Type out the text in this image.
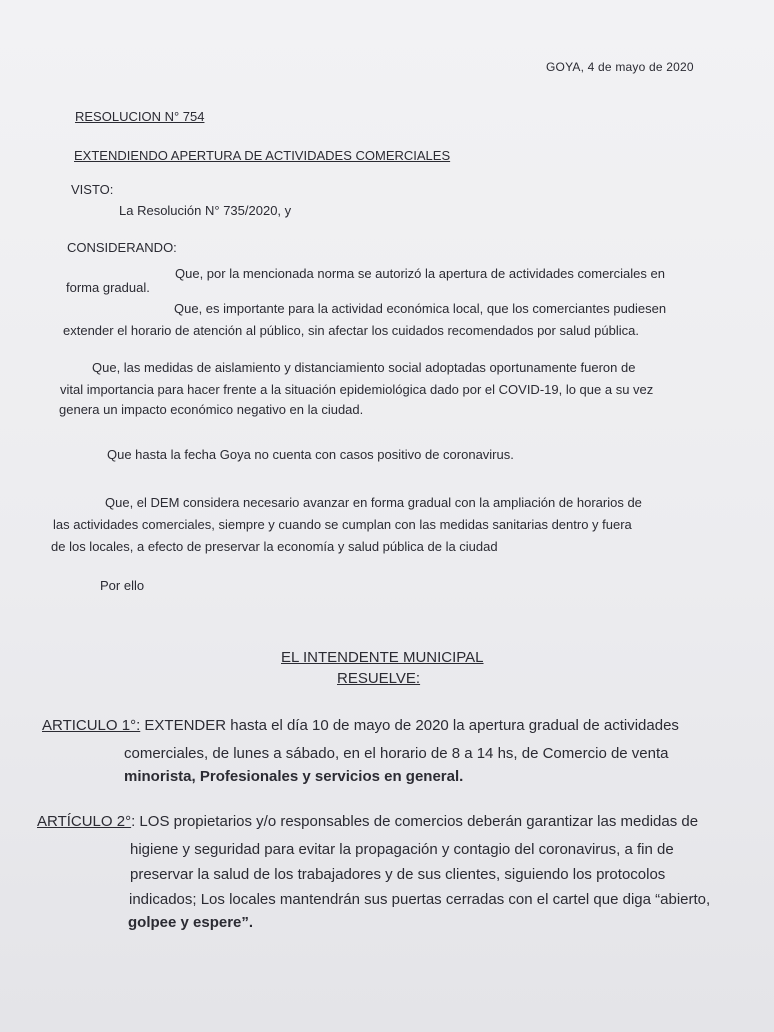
GOYA, 4 de mayo de 2020
RESOLUCION N° 754
EXTENDIENDO APERTURA DE ACTIVIDADES COMERCIALES
VISTO:
La Resolución N° 735/2020, y
CONSIDERANDO:
Que, por la mencionada norma se autorizó la apertura de actividades comerciales en
forma gradual.
Que, es importante para la actividad económica local, que los comerciantes pudiesen
extender el horario de atención al público, sin afectar los cuidados recomendados por salud pública.
Que, las medidas de aislamiento y distanciamiento social adoptadas oportunamente fueron de
vital importancia para hacer frente a la situación epidemiológica dado por el COVID-19, lo que a su vez
genera un impacto económico negativo en la ciudad.
Que hasta la fecha Goya no cuenta con casos positivo de coronavirus.
Que, el DEM considera necesario avanzar en forma gradual con la ampliación de horarios de
las actividades comerciales, siempre y cuando se cumplan con las medidas sanitarias dentro y fuera
de los locales, a efecto de preservar la economía y salud pública de la ciudad
Por ello
EL INTENDENTE MUNICIPAL
RESUELVE:
ARTICULO 1°: EXTENDER hasta el día 10 de mayo de 2020 la apertura gradual de actividades
comerciales, de lunes a sábado, en el horario de 8 a 14 hs, de Comercio de venta
minorista, Profesionales y servicios en general.
ARTÍCULO 2°: LOS propietarios y/o responsables de comercios deberán garantizar las medidas de
higiene y seguridad para evitar la propagación y contagio del coronavirus, a fin de
preservar la salud de los trabajadores y de sus clientes, siguiendo los protocolos
indicados; Los locales mantendrán sus puertas cerradas con el cartel que diga “abierto,
golpee y espere”.
